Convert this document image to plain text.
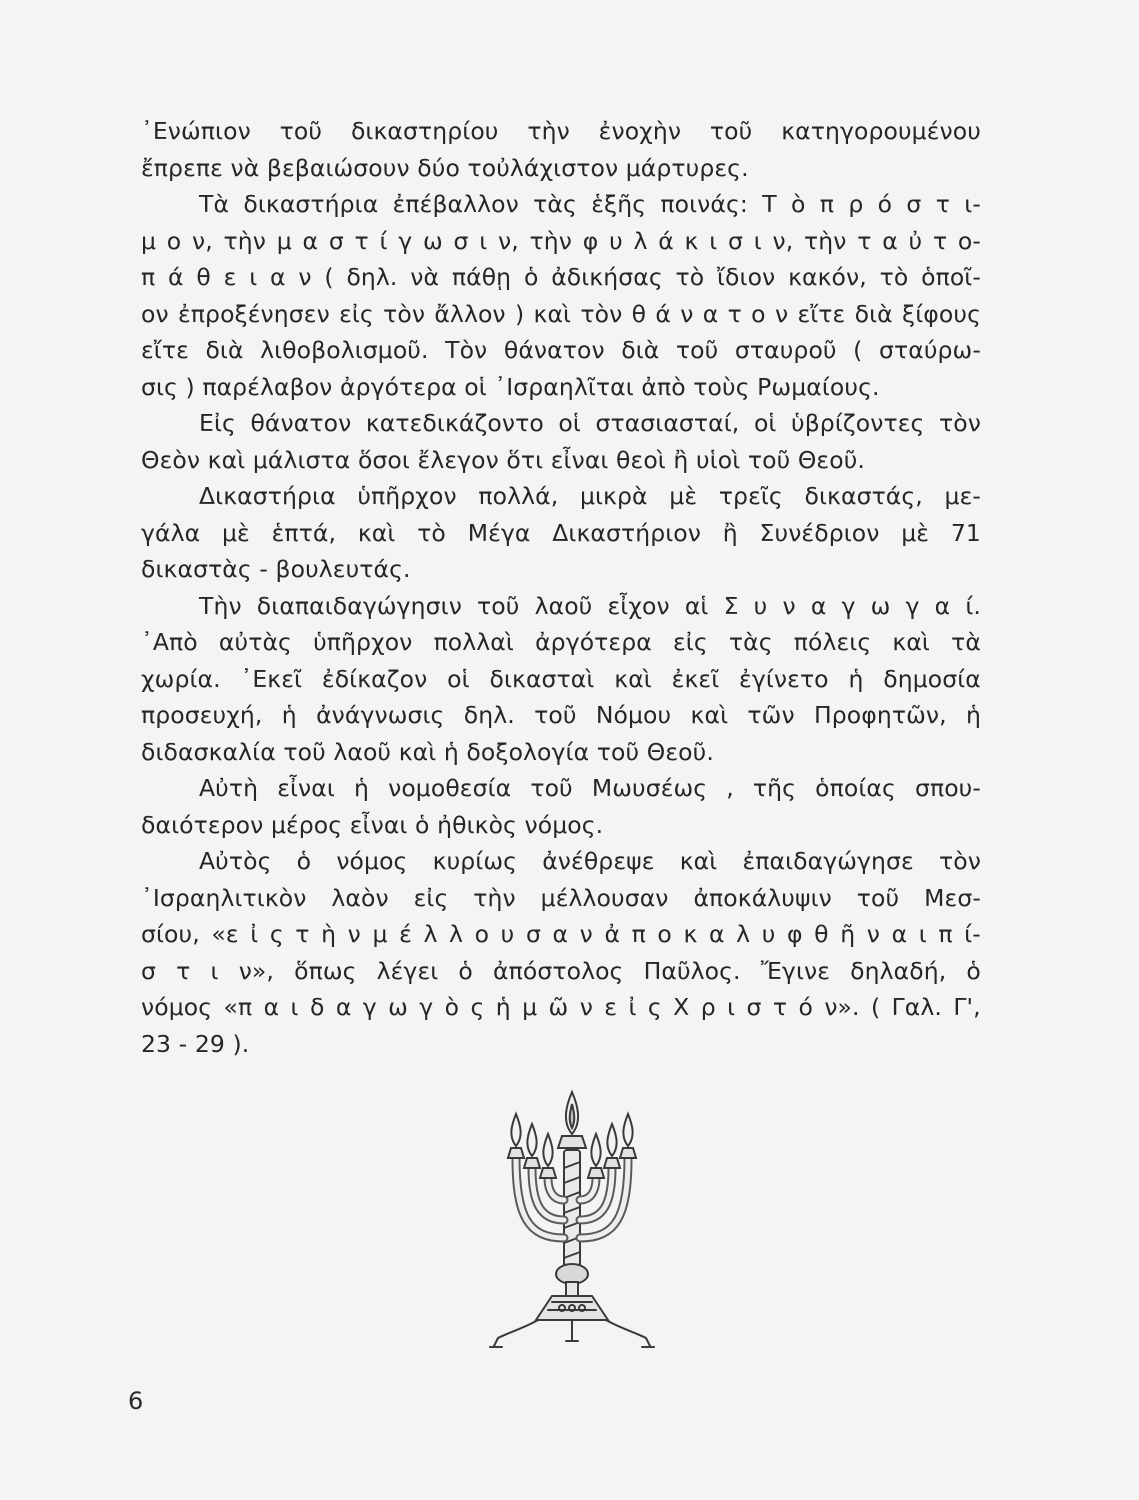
᾿Ενώπιον τοῦ δικαστηρίου τὴν ἐνοχὴν τοῦ κατηγορουμένου
ἔπρεπε νὰ βεβαιώσουν δύο τοὐλάχιστον μάρτυρες.
Τὰ δικαστήρια ἐπέβαλλον τὰς ἑξῆς ποινάς: Τ ὸ π ρ ό σ τ ι-
μ ο ν, τὴν μ α σ τ ί γ ω σ ι ν, τὴν φ υ λ ά κ ι σ ι ν, τὴν τ α ὐ τ ο-
π ά θ ε ι α ν ( δηλ. νὰ πάθῃ ὁ ἀδικήσας τὸ ἴδιον κακόν, τὸ ὁποῖ-
ον ἐπροξένησεν εἰς τὸν ἄλλον ) καὶ τὸν θ ά ν α τ ο ν εἴτε διὰ ξίφους
εἴτε διὰ λιθοβολισμοῦ. Τὸν θάνατον διὰ τοῦ σταυροῦ ( σταύρω-
σις ) παρέλαβον ἀργότερα οἱ ᾿Ισραηλῖται ἀπὸ τοὺς Ρωμαίους.
Εἰς θάνατον κατεδικάζοντο οἱ στασιασταί, οἱ ὑβρίζοντες τὸν
Θεὸν καὶ μάλιστα ὅσοι ἔλεγον ὅτι εἶναι θεοὶ ἢ υἱοὶ τοῦ Θεοῦ.
Δικαστήρια ὑπῆρχον πολλά, μικρὰ μὲ τρεῖς δικαστάς, με-
γάλα μὲ ἑπτά, καὶ τὸ Μέγα Δικαστήριον ἢ Συνέδριον μὲ 71
δικαστὰς - βουλευτάς.
Τὴν διαπαιδαγώγησιν τοῦ λαοῦ εἶχον αἱ Σ υ ν α γ ω γ α ί.
᾿Απὸ αὐτὰς ὑπῆρχον πολλαὶ ἀργότερα εἰς τὰς πόλεις καὶ τὰ
χωρία. ᾿Εκεῖ ἐδίκαζον οἱ δικασταὶ καὶ ἐκεῖ ἐγίνετο ἡ δημοσία
προσευχή, ἡ ἀνάγνωσις δηλ. τοῦ Νόμου καὶ τῶν Προφητῶν, ἡ
διδασκαλία τοῦ λαοῦ καὶ ἡ δοξολογία τοῦ Θεοῦ.
Αὐτὴ εἶναι ἡ νομοθεσία τοῦ Μωυσέως , τῆς ὁποίας σπου-
δαιότερον μέρος εἶναι ὁ ἠθικὸς νόμος.
Αὐτὸς ὁ νόμος κυρίως ἀνέθρεψε καὶ ἐπαιδαγώγησε τὸν
᾿Ισραηλιτικὸν λαὸν εἰς τὴν μέλλουσαν ἀποκάλυψιν τοῦ Μεσ-
σίου, «ε ἰ ς τ ὴ ν μ έ λ λ ο υ σ α ν ἀ π ο κ α λ υ φ θ ῆ ν α ι π ί-
σ τ ι ν», ὅπως λέγει ὁ ἀπόστολος Παῦλος. Ἔγινε δηλαδή, ὁ
νόμος «π α ι δ α γ ω γ ὸ ς ἡ μ ῶ ν ε ἰ ς Χ ρ ι σ τ ό ν». ( Γαλ. Γ',
23 - 29 ).
6
